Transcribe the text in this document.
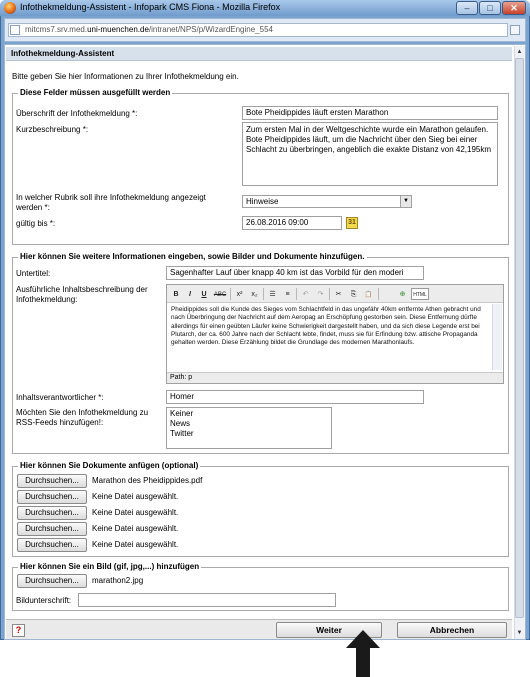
Infothekmeldung-Assistent - Infopark CMS Fiona - Mozilla Firefox	–	□	✕
mitcms7.srv.med.uni-muenchen.de/intranet/NPS/p/WizardEngine_554
▲
▼
Infothekmeldung-Assistent
Bitte geben Sie hier Informationen zu Ihrer Infothekmeldung ein.
Diese Felder müssen ausgefüllt werden
Überschrift der Infothekmeldung *:	Bote Pheidippides läuft ersten Marathon
Kurzbeschreibung *:	Zum ersten Mal in der Weltgeschichte wurde ein Marathon gelaufen. Bote Pheidippides läuft, um die Nachricht über den Sieg bei einer Schlacht zu überbringen, angeblich die exakte Distanz von 42,195km
In welcher Rubrik soll ihre Infothekmeldung angezeigt werden *:
Hinweise	▼
gültig bis *:	26.08.2016 09:00	31
Hier können Sie weitere Informationen eingeben, sowie Bilder und Dokumente hinzufügen.
Untertitel:	Sagenhafter Lauf über knapp 40 km ist das Vorbild für den moderi
Ausführliche Inhaltsbeschreibung der Infothekmeldung:
B	I	U	ABC	x²	x₂	☰	≡	↶	↷	✂	⎘	📋	⊕	HTML
Pheidippides soll die Kunde des Sieges vom Schlachtfeld in das ungefähr 40km entfernte Athen gebracht und nach Überbringung der Nachricht auf dem Aeropag an Erschöpfung gestorben sein. Diese Entfernung dürfte allerdings für einen geübten Läufer keine Schwierigkeit dargestellt haben, und da sich diese Legende erst bei Plutarch, der ca. 600 Jahre nach der Schlacht lebte, findet, muss sie für Erfindung bzw. attische Propaganda gehalten werden. Diese Erzählung bildet die Grundlage des modernen Marathonlaufs.
Path: p
Inhaltsverantwortlicher *:	Homer
Möchten Sie den Infothekmeldung zu RSS-Feeds hinzufügen!:
Keiner
News
Twitter
Hier können Sie Dokumente anfügen (optional)
Durchsuchen...	Marathon des Pheidippides.pdf
Durchsuchen...	Keine Datei ausgewählt.
Durchsuchen...	Keine Datei ausgewählt.
Durchsuchen...	Keine Datei ausgewählt.
Durchsuchen...	Keine Datei ausgewählt.
Hier können Sie ein Bild (gif, jpg,...) hinzufügen
Durchsuchen...	marathon2.jpg
Bildunterschrift:
?	Weiter	Abbrechen
